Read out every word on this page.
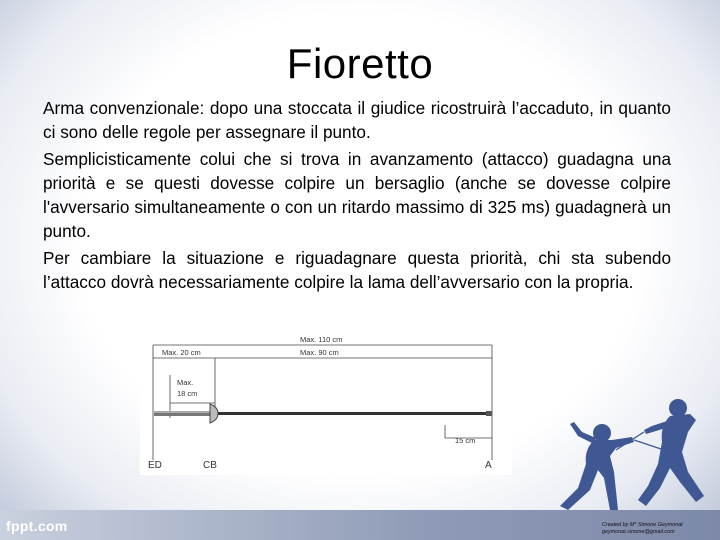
Fioretto

Arma convenzionale: dopo una stoccata il giudice ricostruirà l’accaduto, in quanto ci sono delle regole per assegnare il punto.

Semplicisticamente colui che si trova in avanzamento (attacco) guadagna una priorità e se questi dovesse colpire un bersaglio (anche se dovesse colpire l'avversario simultaneamente o con un ritardo massimo di 325 ms) guadagnerà un punto.

Per cambiare la situazione e riguadagnare questa priorità, chi sta subendo l’attacco dovrà necessariamente colpire la lama dell’avversario con la propria.

Max. 110 cm
Max. 20 cm	Max. 90 cm
Max.
18 cm
15 cm
ED	CB	A
fppt.com	Created by M° Simone Geymonat
geymonat.simone@gmail.com
